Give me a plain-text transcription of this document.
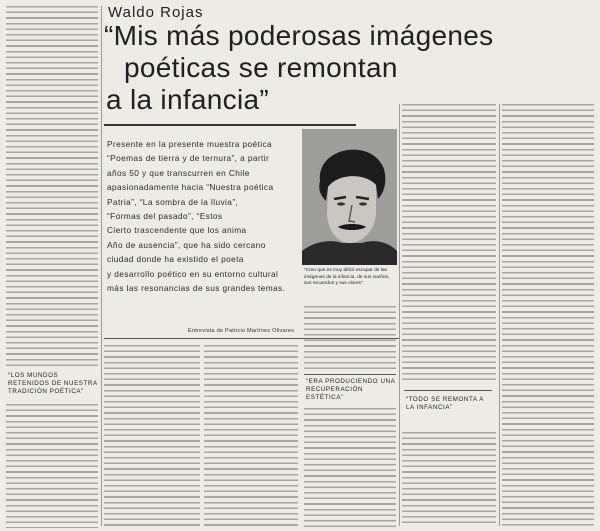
“LOS MUNDOS RETENIDOS DE NUESTRA TRADICIÓN POÉTICA”
Waldo Rojas
“Mis más poderosas imágenes
poéticas se remontan
a la infancia”
Presente en la presente muestra poética
“Poemas de tierra y de ternura”, a partir
años 50 y que transcurren en Chile
apasionadamente hacia “Nuestra poética
Patria”, “La sombra de la lluvia”,
“Formas del pasado”, “Estos
Cierto trascendente que los anima
Año de ausencia”, que ha sido cercano
ciudad donde ha existido el poeta
y desarrollo poético en su entorno cultural
más las resonancias de sus grandes temas.
Entrevista de Patricio Martínez Olivares
“Creo que es muy difícil escapar de las imágenes de la infancia, de sus sueños, sus recuerdos y sus olores”.
“ERA PRODUCIENDO UNA RECUPERACIÓN ESTÉTICA”	“TODO SE REMONTA A LA INFANCIA”
